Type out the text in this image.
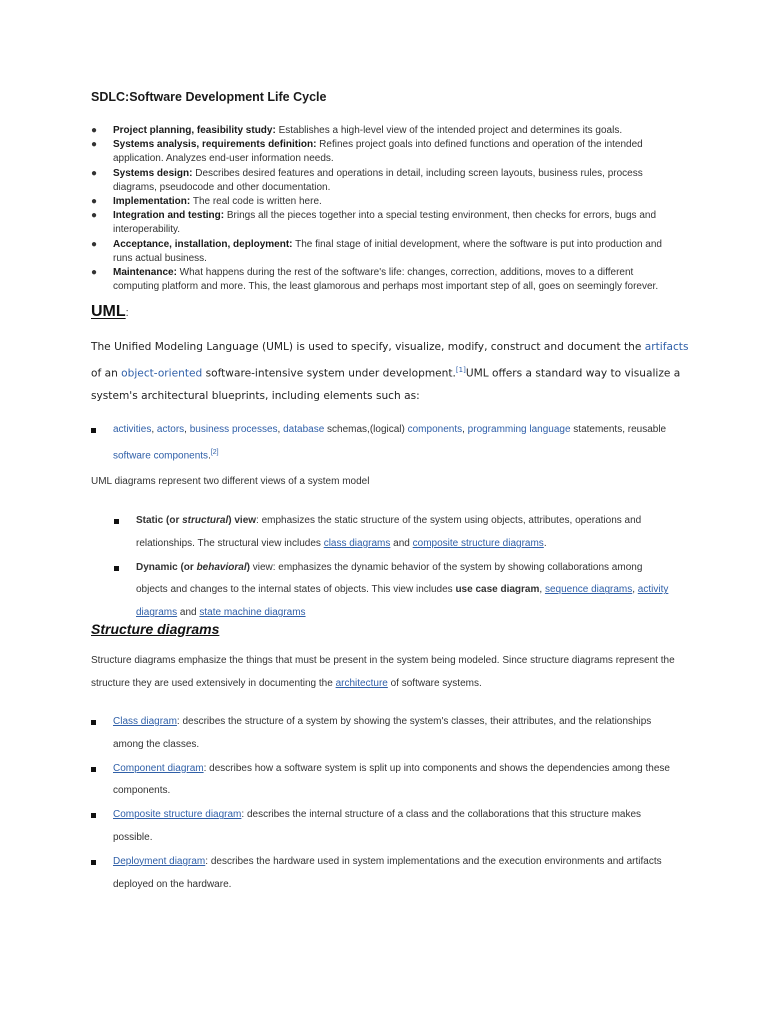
SDLC:Software Development Life Cycle
● Project planning, feasibility study: Establishes a high-level view of the intended project and determines its goals.
● Systems analysis, requirements definition: Refines project goals into defined functions and operation of the intended application. Analyzes end-user information needs.
● Systems design: Describes desired features and operations in detail, including screen layouts, business rules, process diagrams, pseudocode and other documentation.
● Implementation: The real code is written here.
● Integration and testing: Brings all the pieces together into a special testing environment, then checks for errors, bugs and interoperability.
● Acceptance, installation, deployment: The final stage of initial development, where the software is put into production and runs actual business.
● Maintenance: What happens during the rest of the software's life: changes, correction, additions, moves to a different computing platform and more. This, the least glamorous and perhaps most important step of all, goes on seemingly forever.
UML:

The Unified Modeling Language (UML) is used to specify, visualize, modify, construct and document the artifacts of an object-oriented software-intensive system under development.[1]UML offers a standard way to visualize a system's architectural blueprints, including elements such as:

activities, actors, business processes, database schemas,(logical) components, programming language statements, reusable software components.[2]
UML diagrams represent two different views of a system model
Static (or structural) view: emphasizes the static structure of the system using objects, attributes, operations and relationships. The structural view includes class diagrams and composite structure diagrams.
Dynamic (or behavioral) view: emphasizes the dynamic behavior of the system by showing collaborations among objects and changes to the internal states of objects. This view includes use case diagram, sequence diagrams, activity diagrams and state machine diagrams
Structure diagrams

Structure diagrams emphasize the things that must be present in the system being modeled. Since structure diagrams represent the structure they are used extensively in documenting the architecture of software systems.

Class diagram: describes the structure of a system by showing the system's classes, their attributes, and the relationships among the classes.
Component diagram: describes how a software system is split up into components and shows the dependencies among these components.
Composite structure diagram: describes the internal structure of a class and the collaborations that this structure makes possible.
Deployment diagram: describes the hardware used in system implementations and the execution environments and artifacts deployed on the hardware.
